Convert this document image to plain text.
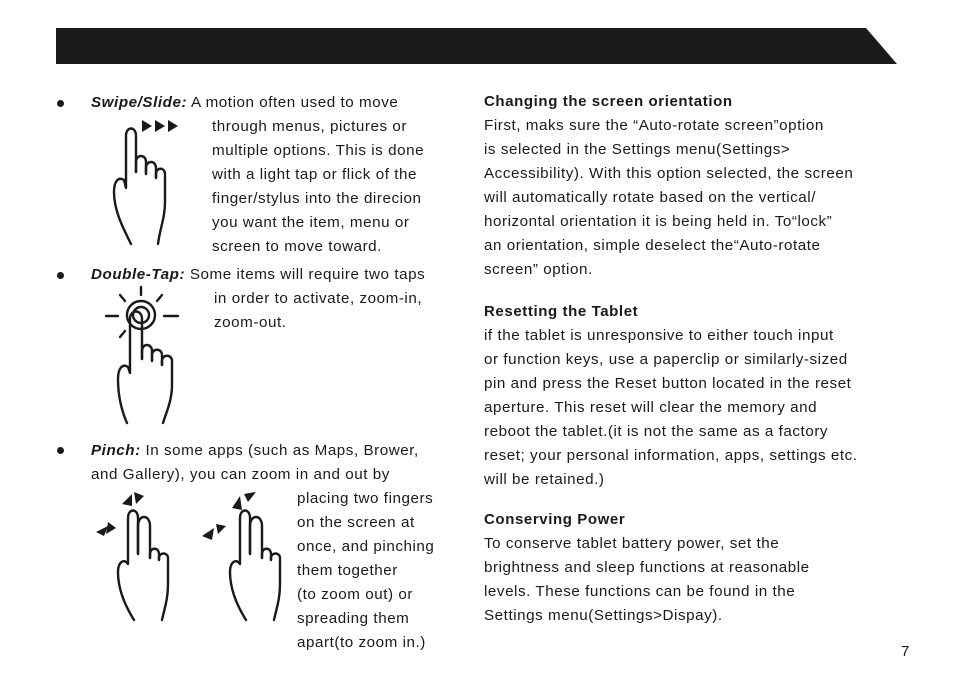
Swipe/Slide: A motion often used to move
through menus, pictures or
multiple options. This is done
with a light tap or flick of the
finger/stylus into the direcion
you want the item, menu or
screen to move toward.
Double-Tap: Some items will require two taps
in order to activate, zoom-in,
zoom-out.
Pinch: In some apps (such as Maps, Brower,
and Gallery), you can zoom in and out by
placing two fingers
on the screen at
once, and pinching
them together
(to zoom out) or
spreading them
apart(to zoom in.)
Changing the screen orientation
First, maks sure the “Auto-rotate screen”option
is selected in the Settings menu(Settings>
Accessibility). With this option selected, the screen
will automatically rotate based on the vertical/
horizontal orientation it is being held in. To“lock”
an orientation, simple deselect the“Auto-rotate
screen” option.
Resetting the Tablet
if the tablet is unresponsive to either touch input
or function keys, use a paperclip or similarly-sized
pin and press the Reset button located in the reset
aperture. This reset will clear the memory and
reboot the tablet.(it is not the same as a factory
reset; your personal information, apps, settings etc.
will be retained.)
Conserving Power
To conserve tablet battery power, set the
brightness and sleep functions at reasonable
levels. These functions can be found in the
Settings menu(Settings>Dispay).
7
